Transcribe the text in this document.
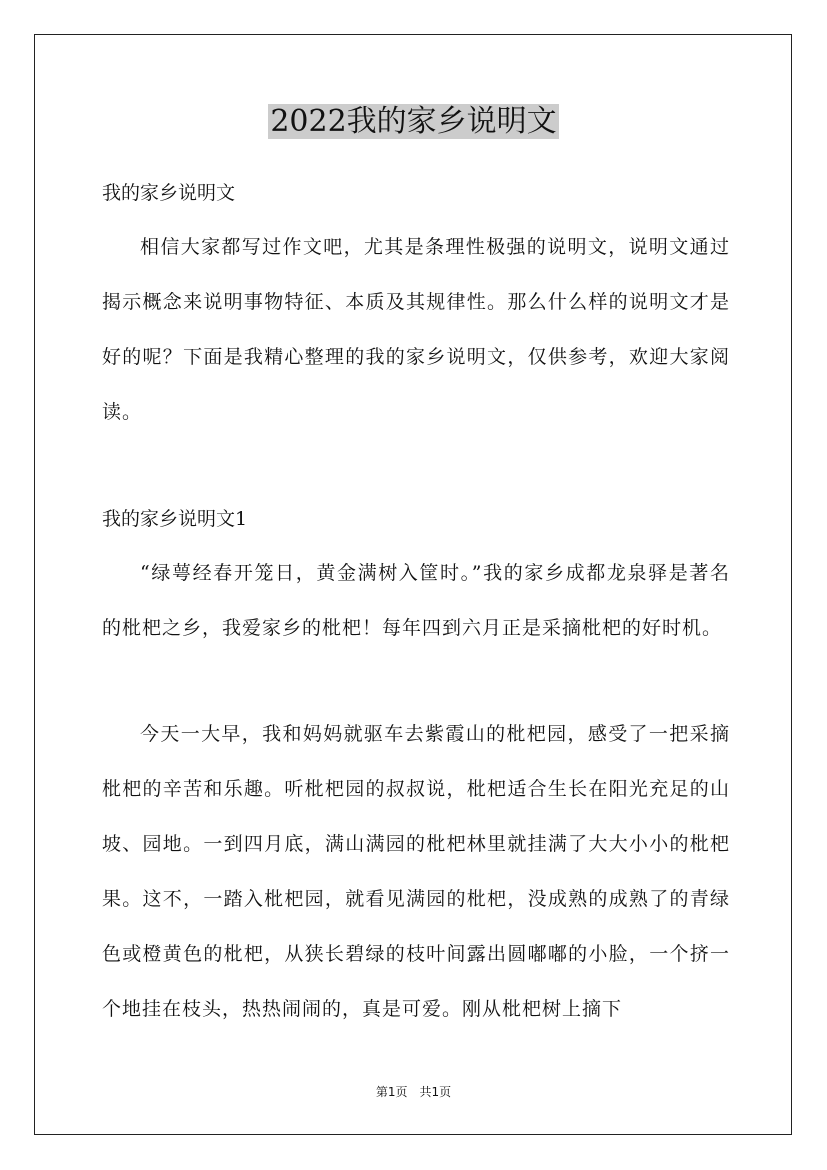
2022我的家乡说明文

我的家乡说明文

相信大家都写过作文吧，尤其是条理性极强的说明文，说明文通过揭示概念来说明事物特征、本质及其规律性。那么什么样的说明文才是好的呢？下面是我精心整理的我的家乡说明文，仅供参考，欢迎大家阅读。

我的家乡说明文1

“绿萼经春开笼日，黄金满树入筐时。”我的家乡成都龙泉驿是著名的枇杷之乡，我爱家乡的枇杷！每年四到六月正是采摘枇杷的好时机。

今天一大早，我和妈妈就驱车去紫霞山的枇杷园，感受了一把采摘枇杷的辛苦和乐趣。听枇杷园的叔叔说，枇杷适合生长在阳光充足的山坡、园地。一到四月底，满山满园的枇杷林里就挂满了大大小小的枇杷果。这不，一踏入枇杷园，就看见满园的枇杷，没成熟的成熟了的青绿色或橙黄色的枇杷，从狭长碧绿的枝叶间露出圆嘟嘟的小脸，一个挤一个地挂在枝头，热热闹闹的，真是可爱。刚从枇杷树上摘下

第1页　共1页
